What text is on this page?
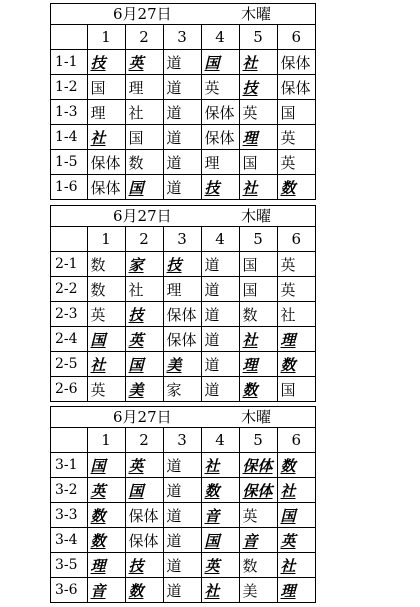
6月27日	木曜
	1	2	3	4	5	6
1-1	技	英	道	国	社	保体
1-2	国	理	道	英	技	保体
1-3	理	社	道	保体	英	国
1-4	社	国	道	保体	理	英
1-5	保体	数	道	理	国	英
1-6	保体	国	道	技	社	数
6月27日	木曜
	1	2	3	4	5	6
2-1	数	家	技	道	国	英
2-2	数	社	理	道	国	英
2-3	英	技	保体	道	数	社
2-4	国	英	保体	道	社	理
2-5	社	国	美	道	理	数
2-6	英	美	家	道	数	国
6月27日	木曜
	1	2	3	4	5	6
3-1	国	英	道	社	保体	数
3-2	英	国	道	数	保体	社
3-3	数	保体	道	音	英	国
3-4	数	保体	道	国	音	英
3-5	理	技	道	英	数	社
3-6	音	数	道	社	美	理
